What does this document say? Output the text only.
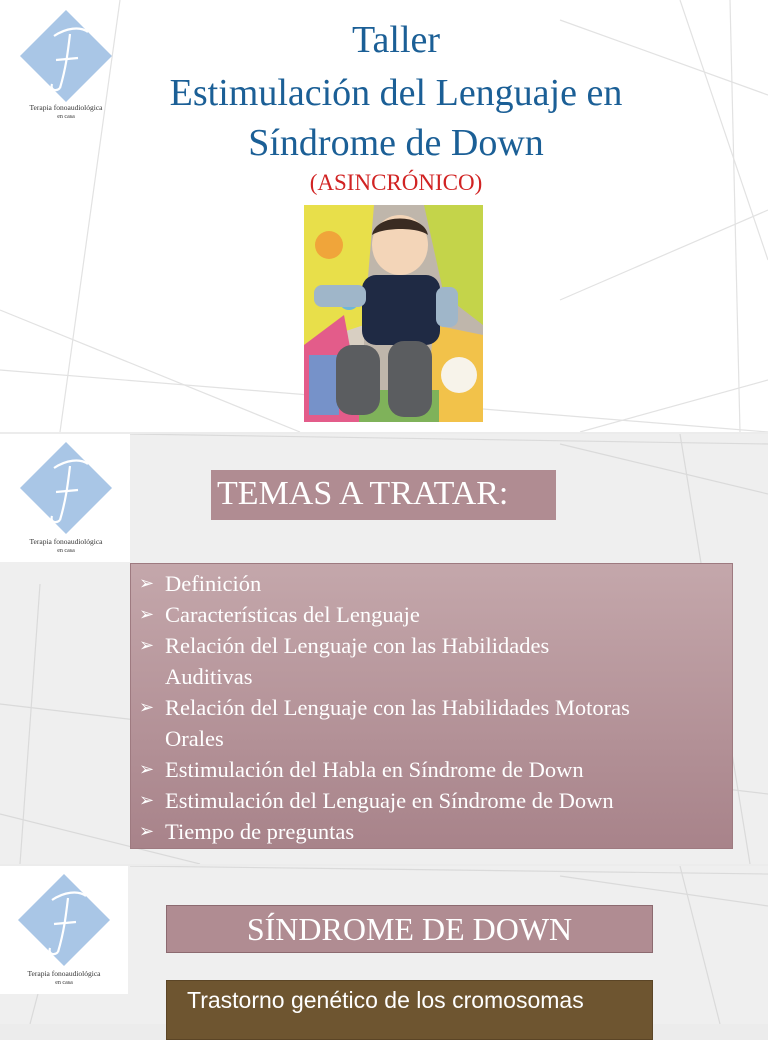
Terapia fonoaudiológica
en casa
Taller
Estimulación del Lenguaje en
Síndrome de Down
(ASINCRÓNICO)
Terapia fonoaudiológica
en casa
TEMAS A TRATAR:
➢ Definición
➢ Características del Lenguaje
➢ Relación del Lenguaje con las Habilidades
Auditivas
➢ Relación del Lenguaje con las Habilidades Motoras
Orales
➢ Estimulación del Habla en Síndrome de Down
➢ Estimulación del Lenguaje en Síndrome de Down
➢ Tiempo de preguntas
Terapia fonoaudiológica
en casa
SÍNDROME DE DOWN
Trastorno genético de los cromosomas
